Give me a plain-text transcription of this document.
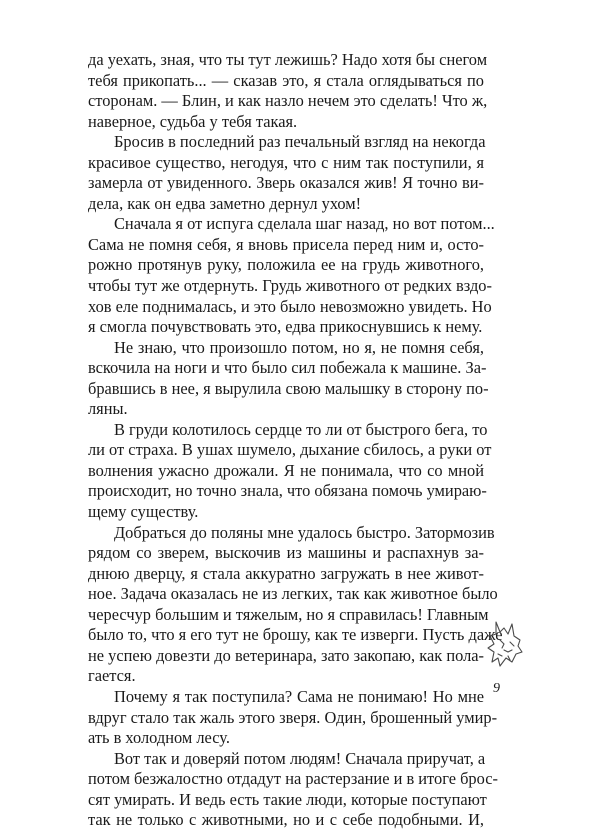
да уехать, зная, что ты тут лежишь? Надо хотя бы снегом
тебя прикопать... — сказав это, я стала оглядываться по
сторонам. — Блин, и как назло нечем это сделать! Что ж,
наверное, судьба у тебя такая.
Бросив в последний раз печальный взгляд на некогда
красивое существо, негодуя, что с ним так поступили, я
замерла от увиденного. Зверь оказался жив! Я точно ви-
дела, как он едва заметно дернул ухом!
Сначала я от испуга сделала шаг назад, но вот потом...
Сама не помня себя, я вновь присела перед ним и, осто-
рожно протянув руку, положила ее на грудь животного,
чтобы тут же отдернуть. Грудь животного от редких вздо-
хов еле поднималась, и это было невозможно увидеть. Но
я смогла почувствовать это, едва прикоснувшись к нему.
Не знаю, что произошло потом, но я, не помня себя,
вскочила на ноги и что было сил побежала к машине. За-
бравшись в нее, я вырулила свою малышку в сторону по-
ляны.
В груди колотилось сердце то ли от быстрого бега, то
ли от страха. В ушах шумело, дыхание сбилось, а руки от
волнения ужасно дрожали. Я не понимала, что со мной
происходит, но точно знала, что обязана помочь умираю-
щему существу.
Добраться до поляны мне удалось быстро. Затормозив
рядом со зверем, выскочив из машины и распахнув за-
днюю дверцу, я стала аккуратно загружать в нее живот-
ное. Задача оказалась не из легких, так как животное было
чересчур большим и тяжелым, но я справилась! Главным
было то, что я его тут не брошу, как те изверги. Пусть даже
не успею довезти до ветеринара, зато закопаю, как пола-
гается.
Почему я так поступила? Сама не понимаю! Но мне
вдруг стало так жаль этого зверя. Один, брошенный умир-
ать в холодном лесу.
Вот так и доверяй потом людям! Сначала приручат, а
потом безжалостно отдадут на растерзание и в итоге брос-
сят умирать. И ведь есть такие люди, которые поступают
так не только с животными, но и с себе подобными. И,
9
